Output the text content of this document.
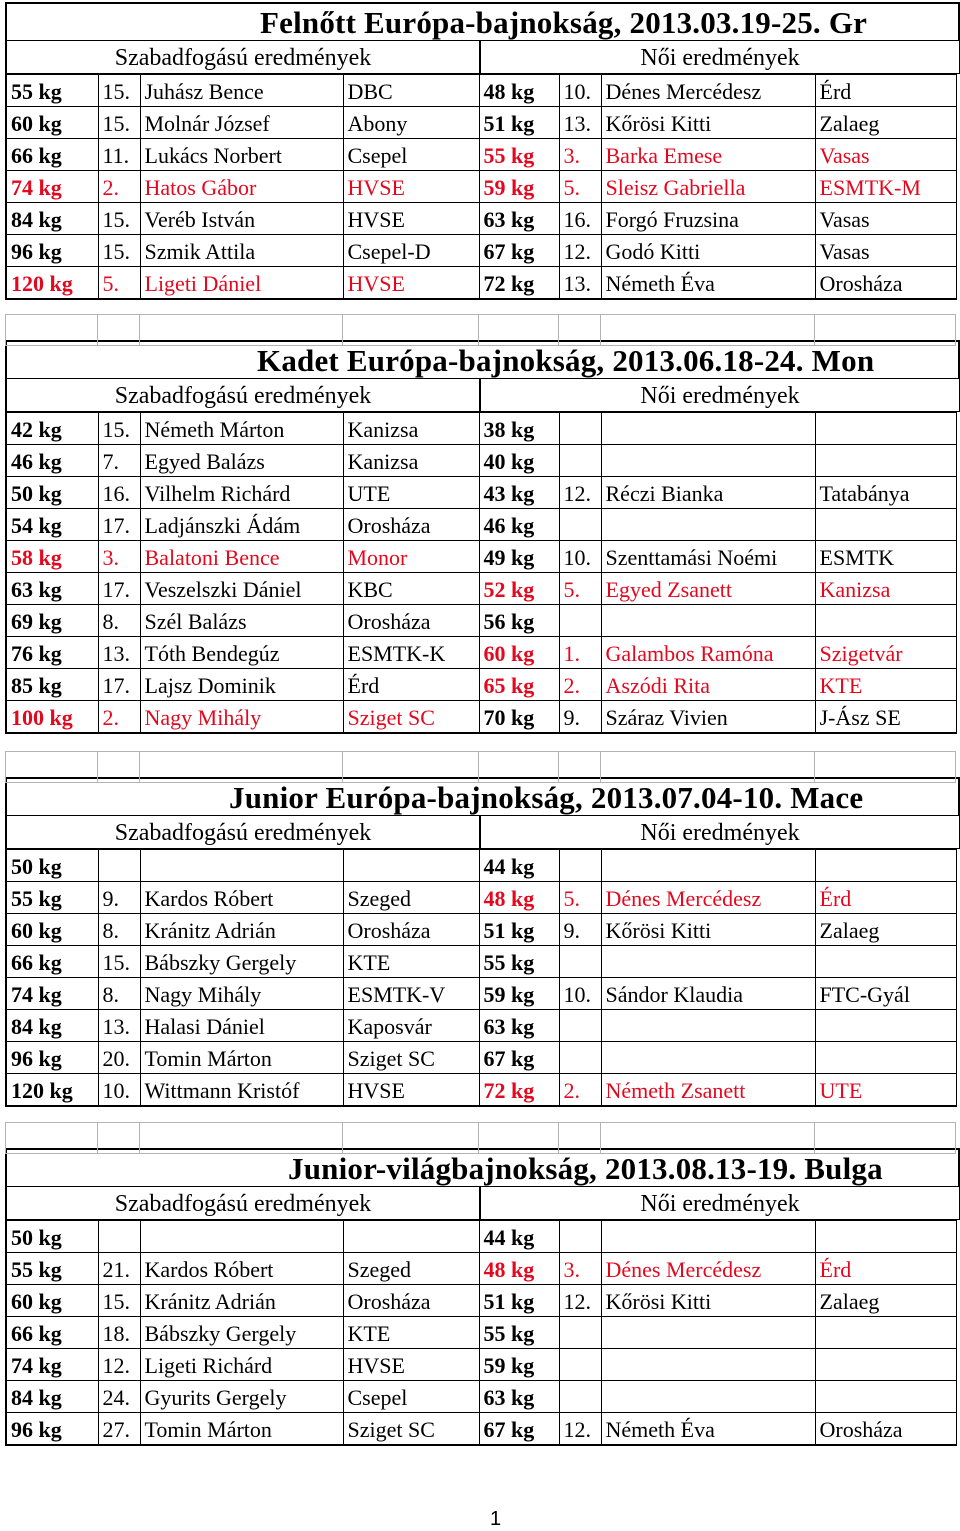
Felnőtt Európa-bajnokság, 2013.03.19-25. Gr
Szabadfogású eredmények	Női eredmények
55 kg	15.	Juhász Bence	DBC	48 kg	10.	Dénes Mercédesz	Érd
60 kg	15.	Molnár József	Abony	51 kg	13.	Kőrösi Kitti	Zalaeg
66 kg	11.	Lukács Norbert	Csepel	55 kg	3.	Barka Emese	Vasas
74 kg	2.	Hatos Gábor	HVSE	59 kg	5.	Sleisz Gabriella	ESMTK-M
84 kg	15.	Veréb István	HVSE	63 kg	16.	Forgó Fruzsina	Vasas
96 kg	15.	Szmik Attila	Csepel-D	67 kg	12.	Godó Kitti	Vasas
120 kg	5.	Ligeti Dániel	HVSE	72 kg	13.	Németh Éva	Orosháza
Kadet Európa-bajnokság, 2013.06.18-24. Mon
Szabadfogású eredmények	Női eredmények
42 kg	15.	Németh Márton	Kanizsa	38 kg			
46 kg	7.	Egyed Balázs	Kanizsa	40 kg			
50 kg	16.	Vilhelm Richárd	UTE	43 kg	12.	Réczi Bianka	Tatabánya
54 kg	17.	Ladjánszki Ádám	Orosháza	46 kg			
58 kg	3.	Balatoni Bence	Monor	49 kg	10.	Szenttamási Noémi	ESMTK
63 kg	17.	Veszelszki Dániel	KBC	52 kg	5.	Egyed Zsanett	Kanizsa
69 kg	8.	Szél Balázs	Orosháza	56 kg			
76 kg	13.	Tóth Bendegúz	ESMTK-K	60 kg	1.	Galambos Ramóna	Szigetvár
85 kg	17.	Lajsz Dominik	Érd	65 kg	2.	Aszódi Rita	KTE
100 kg	2.	Nagy Mihály	Sziget SC	70 kg	9.	Száraz Vivien	J-Ász SE
Junior Európa-bajnokság, 2013.07.04-10. Mace
Szabadfogású eredmények	Női eredmények
50 kg				44 kg			
55 kg	9.	Kardos Róbert	Szeged	48 kg	5.	Dénes Mercédesz	Érd
60 kg	8.	Kránitz Adrián	Orosháza	51 kg	9.	Kőrösi Kitti	Zalaeg
66 kg	15.	Bábszky Gergely	KTE	55 kg			
74 kg	8.	Nagy Mihály	ESMTK-V	59 kg	10.	Sándor Klaudia	FTC-Gyál
84 kg	13.	Halasi Dániel	Kaposvár	63 kg			
96 kg	20.	Tomin Márton	Sziget SC	67 kg			
120 kg	10.	Wittmann Kristóf	HVSE	72 kg	2.	Németh Zsanett	UTE
Junior-világbajnokság, 2013.08.13-19. Bulga
Szabadfogású eredmények	Női eredmények
50 kg				44 kg			
55 kg	21.	Kardos Róbert	Szeged	48 kg	3.	Dénes Mercédesz	Érd
60 kg	15.	Kránitz Adrián	Orosháza	51 kg	12.	Kőrösi Kitti	Zalaeg
66 kg	18.	Bábszky Gergely	KTE	55 kg			
74 kg	12.	Ligeti Richárd	HVSE	59 kg			
84 kg	24.	Gyurits Gergely	Csepel	63 kg			
96 kg	27.	Tomin Márton	Sziget SC	67 kg	12.	Németh Éva	Orosháza
1
